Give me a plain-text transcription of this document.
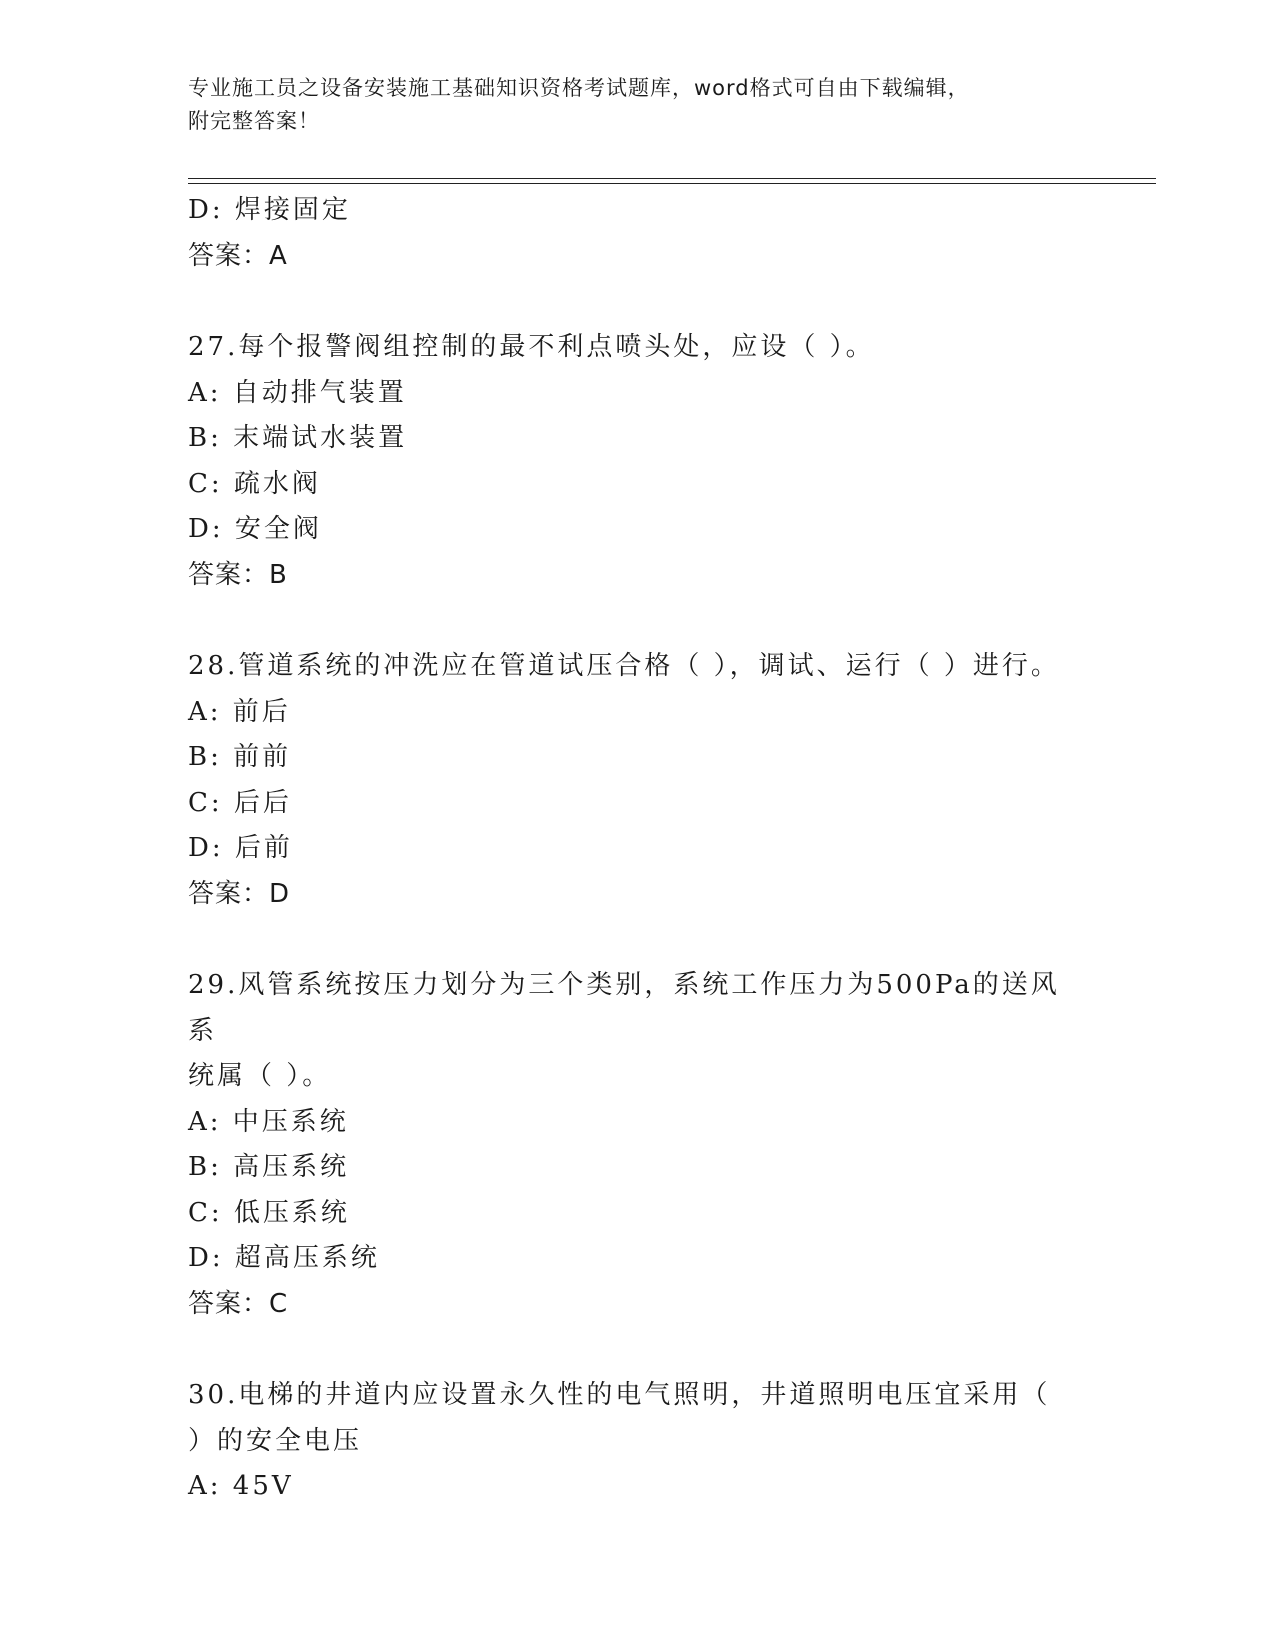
专业施工员之设备安装施工基础知识资格考试题库，word格式可自由下载编辑，
附完整答案！
D: 焊接固定
答案：A
27.每个报警阀组控制的最不利点喷头处，应设（ ）。
A: 自动排气装置
B: 末端试水装置
C: 疏水阀
D: 安全阀
答案：B
28.管道系统的冲洗应在管道试压合格（ ），调试、运行（ ）进行。
A: 前后
B: 前前
C: 后后
D: 后前
答案：D
29.风管系统按压力划分为三个类别，系统工作压力为500Pa的送风系
统属（ ）。
A: 中压系统
B: 高压系统
C: 低压系统
D: 超高压系统
答案：C
30.电梯的井道内应设置永久性的电气照明，井道照明电压宜采用（
）的安全电压
A: 45V
